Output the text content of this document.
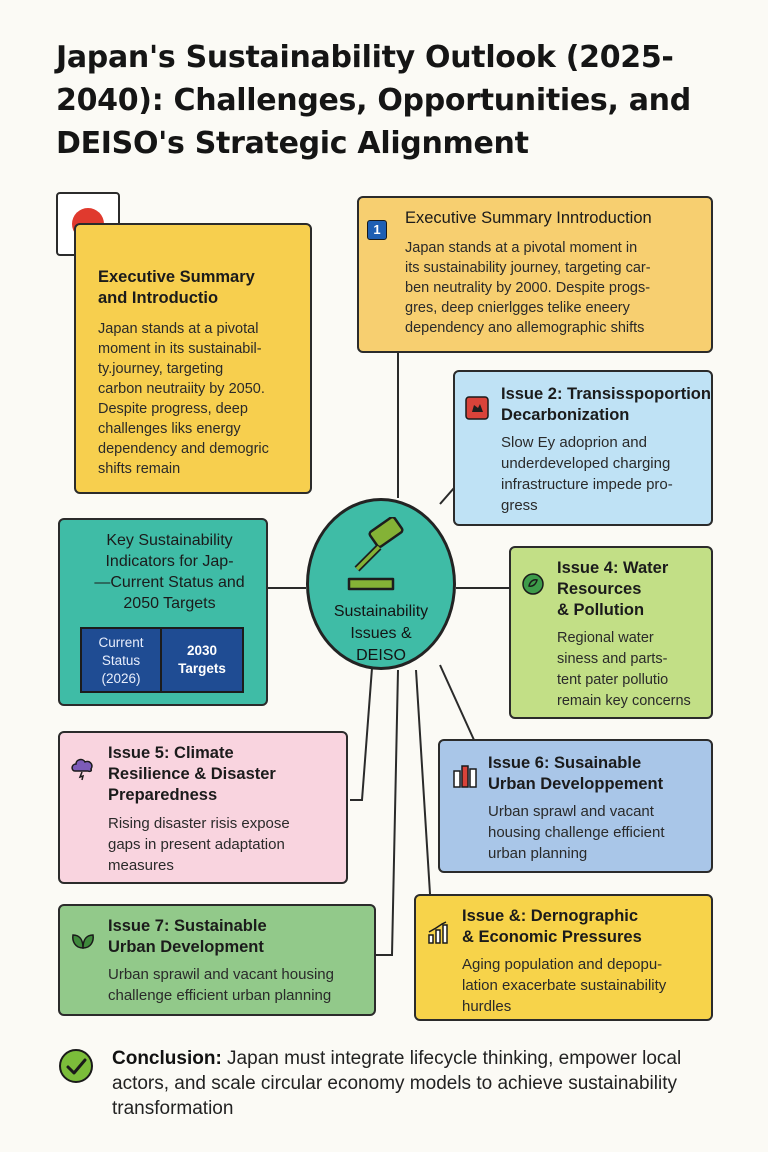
Japan's Sustainability Outlook (2025-
2040): Challenges, Opportunities, and
DEISO's Strategic Alignment
Executive Summary
and Introductio
Japan stands at a pivotal
moment in its sustainabil-
ty.journey, targeting
carbon neutraiity by 2050.
Despite progress, deep
challenges liks energy
dependency and demogric
shifts remain
1
Executive Summary Inntroduction
Japan stands at a pivotal moment in
its sustainability journey, targeting car-
ben neutrality by 2000. Despite progs-
gres, deep cnierlgges telike eneery
dependency ano allemographic shifts
Issue 2: Transisspoportion
Decarbonization
Slow Ey adoprion and
underdeveloped charging
infrastructure impede pro-
gress
Key Sustainability
Indicators for Jap-
—Current Status and
2050 Targets
Current
Status
(2026)
2030
Targets
Sustainability
Issues &
DEISO
Issue 4: Water
Resources
& Pollution
Regional water
siness and parts-
tent pater pollutio
remain key concerns
Issue 5: Climate
Resilience & Disaster
Preparedness
Rising disaster risis expose
gaps in present adaptation
measures
Issue 6: Susainable
Urban Developpement
Urban sprawl and vacant
housing challenge efficient
urban planning
Issue 7: Sustainable
Urban Development
Urban sprawil and vacant housing
challenge efficient urban planning
Issue &: Dernographic
& Economic Pressures
Aging population and depopu-
lation exacerbate sustainability
hurdles
Conclusion: Japan must integrate lifecycle thinking, empower local actors, and scale circular economy models to achieve sustainability transformation
